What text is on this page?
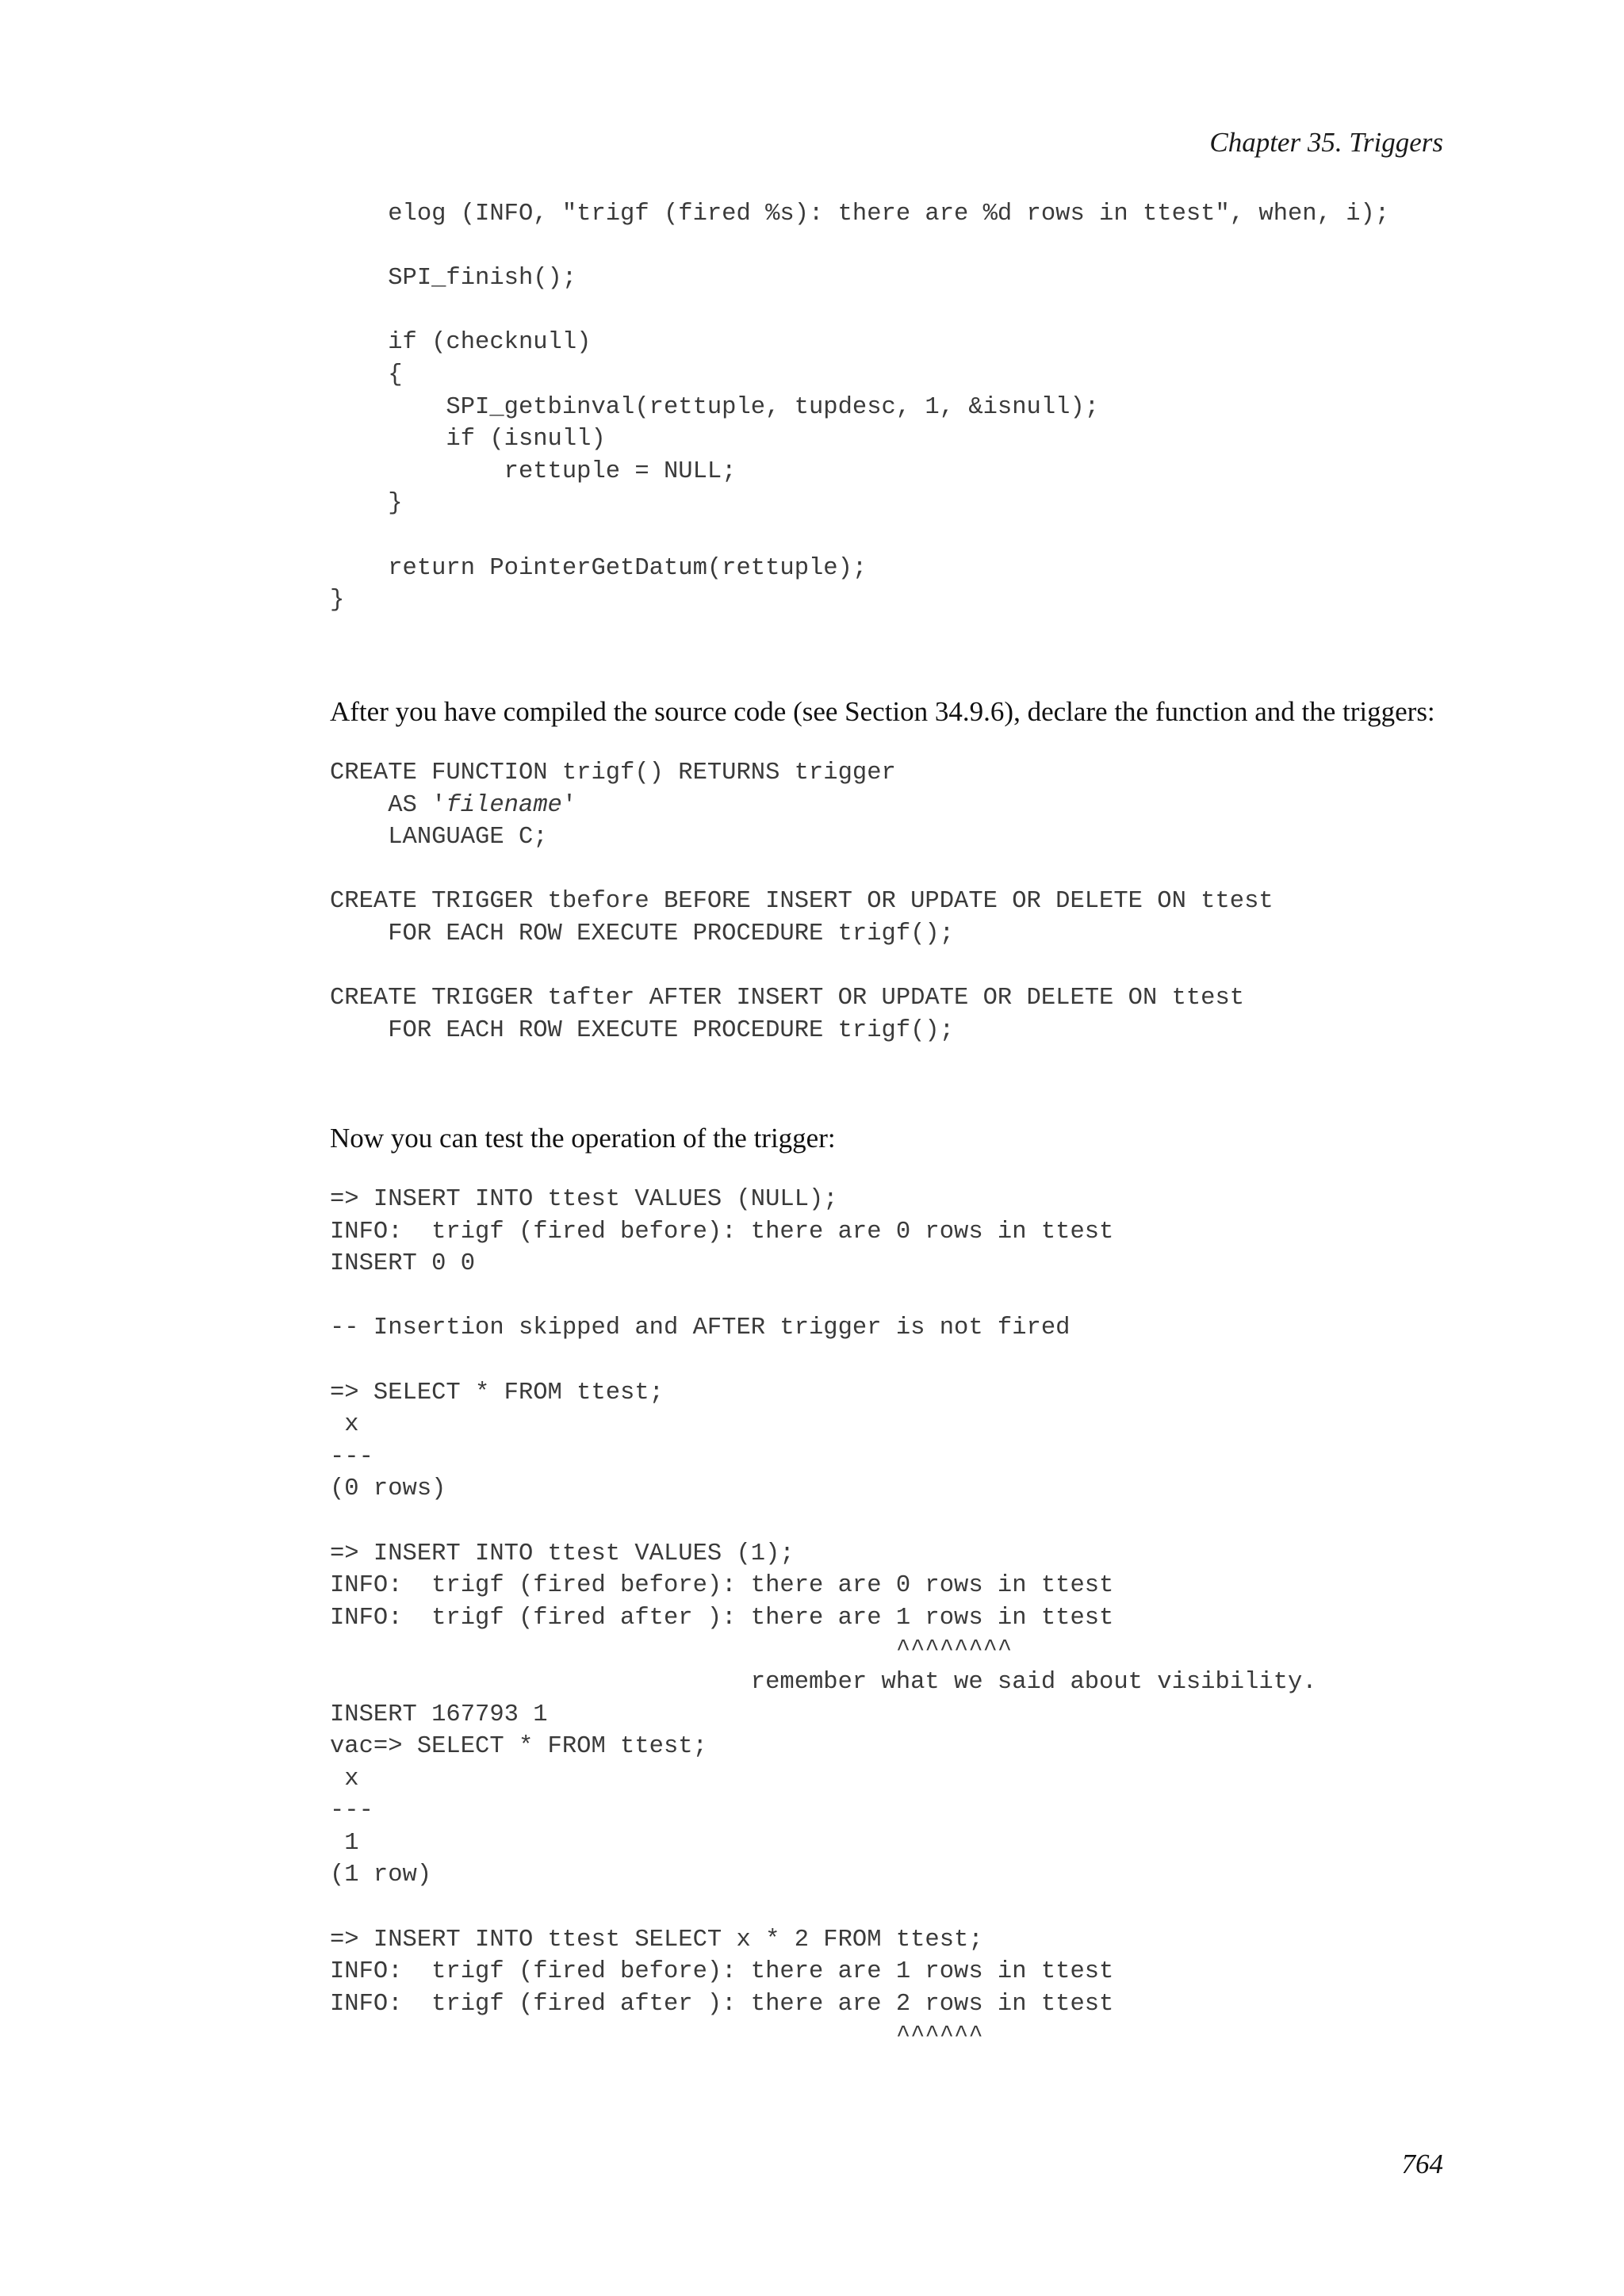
Chapter 35. Triggers
elog (INFO, "trigf (fired %s): there are %d rows in ttest", when, i);

SPI_finish();

if (checknull)
{
SPI_getbinval(rettuple, tupdesc, 1, &isnull);
if (isnull)
rettuple = NULL;
}

return PointerGetDatum(rettuple);
}

After you have compiled the source code (see Section 34.9.6), declare the function and the triggers:

CREATE FUNCTION trigf() RETURNS trigger
AS 'filename'
LANGUAGE C;

CREATE TRIGGER tbefore BEFORE INSERT OR UPDATE OR DELETE ON ttest
FOR EACH ROW EXECUTE PROCEDURE trigf();

CREATE TRIGGER tafter AFTER INSERT OR UPDATE OR DELETE ON ttest
FOR EACH ROW EXECUTE PROCEDURE trigf();

Now you can test the operation of the trigger:

=> INSERT INTO ttest VALUES (NULL);
INFO:  trigf (fired before): there are 0 rows in ttest
INSERT 0 0

-- Insertion skipped and AFTER trigger is not fired

=> SELECT * FROM ttest;
x
---
(0 rows)

=> INSERT INTO ttest VALUES (1);
INFO:  trigf (fired before): there are 0 rows in ttest
INFO:  trigf (fired after ): there are 1 rows in ttest
^^^^^^^^
remember what we said about visibility.
INSERT 167793 1
vac=> SELECT * FROM ttest;
x
---
1
(1 row)

=> INSERT INTO ttest SELECT x * 2 FROM ttest;
INFO:  trigf (fired before): there are 1 rows in ttest
INFO:  trigf (fired after ): there are 2 rows in ttest
^^^^^^
764
